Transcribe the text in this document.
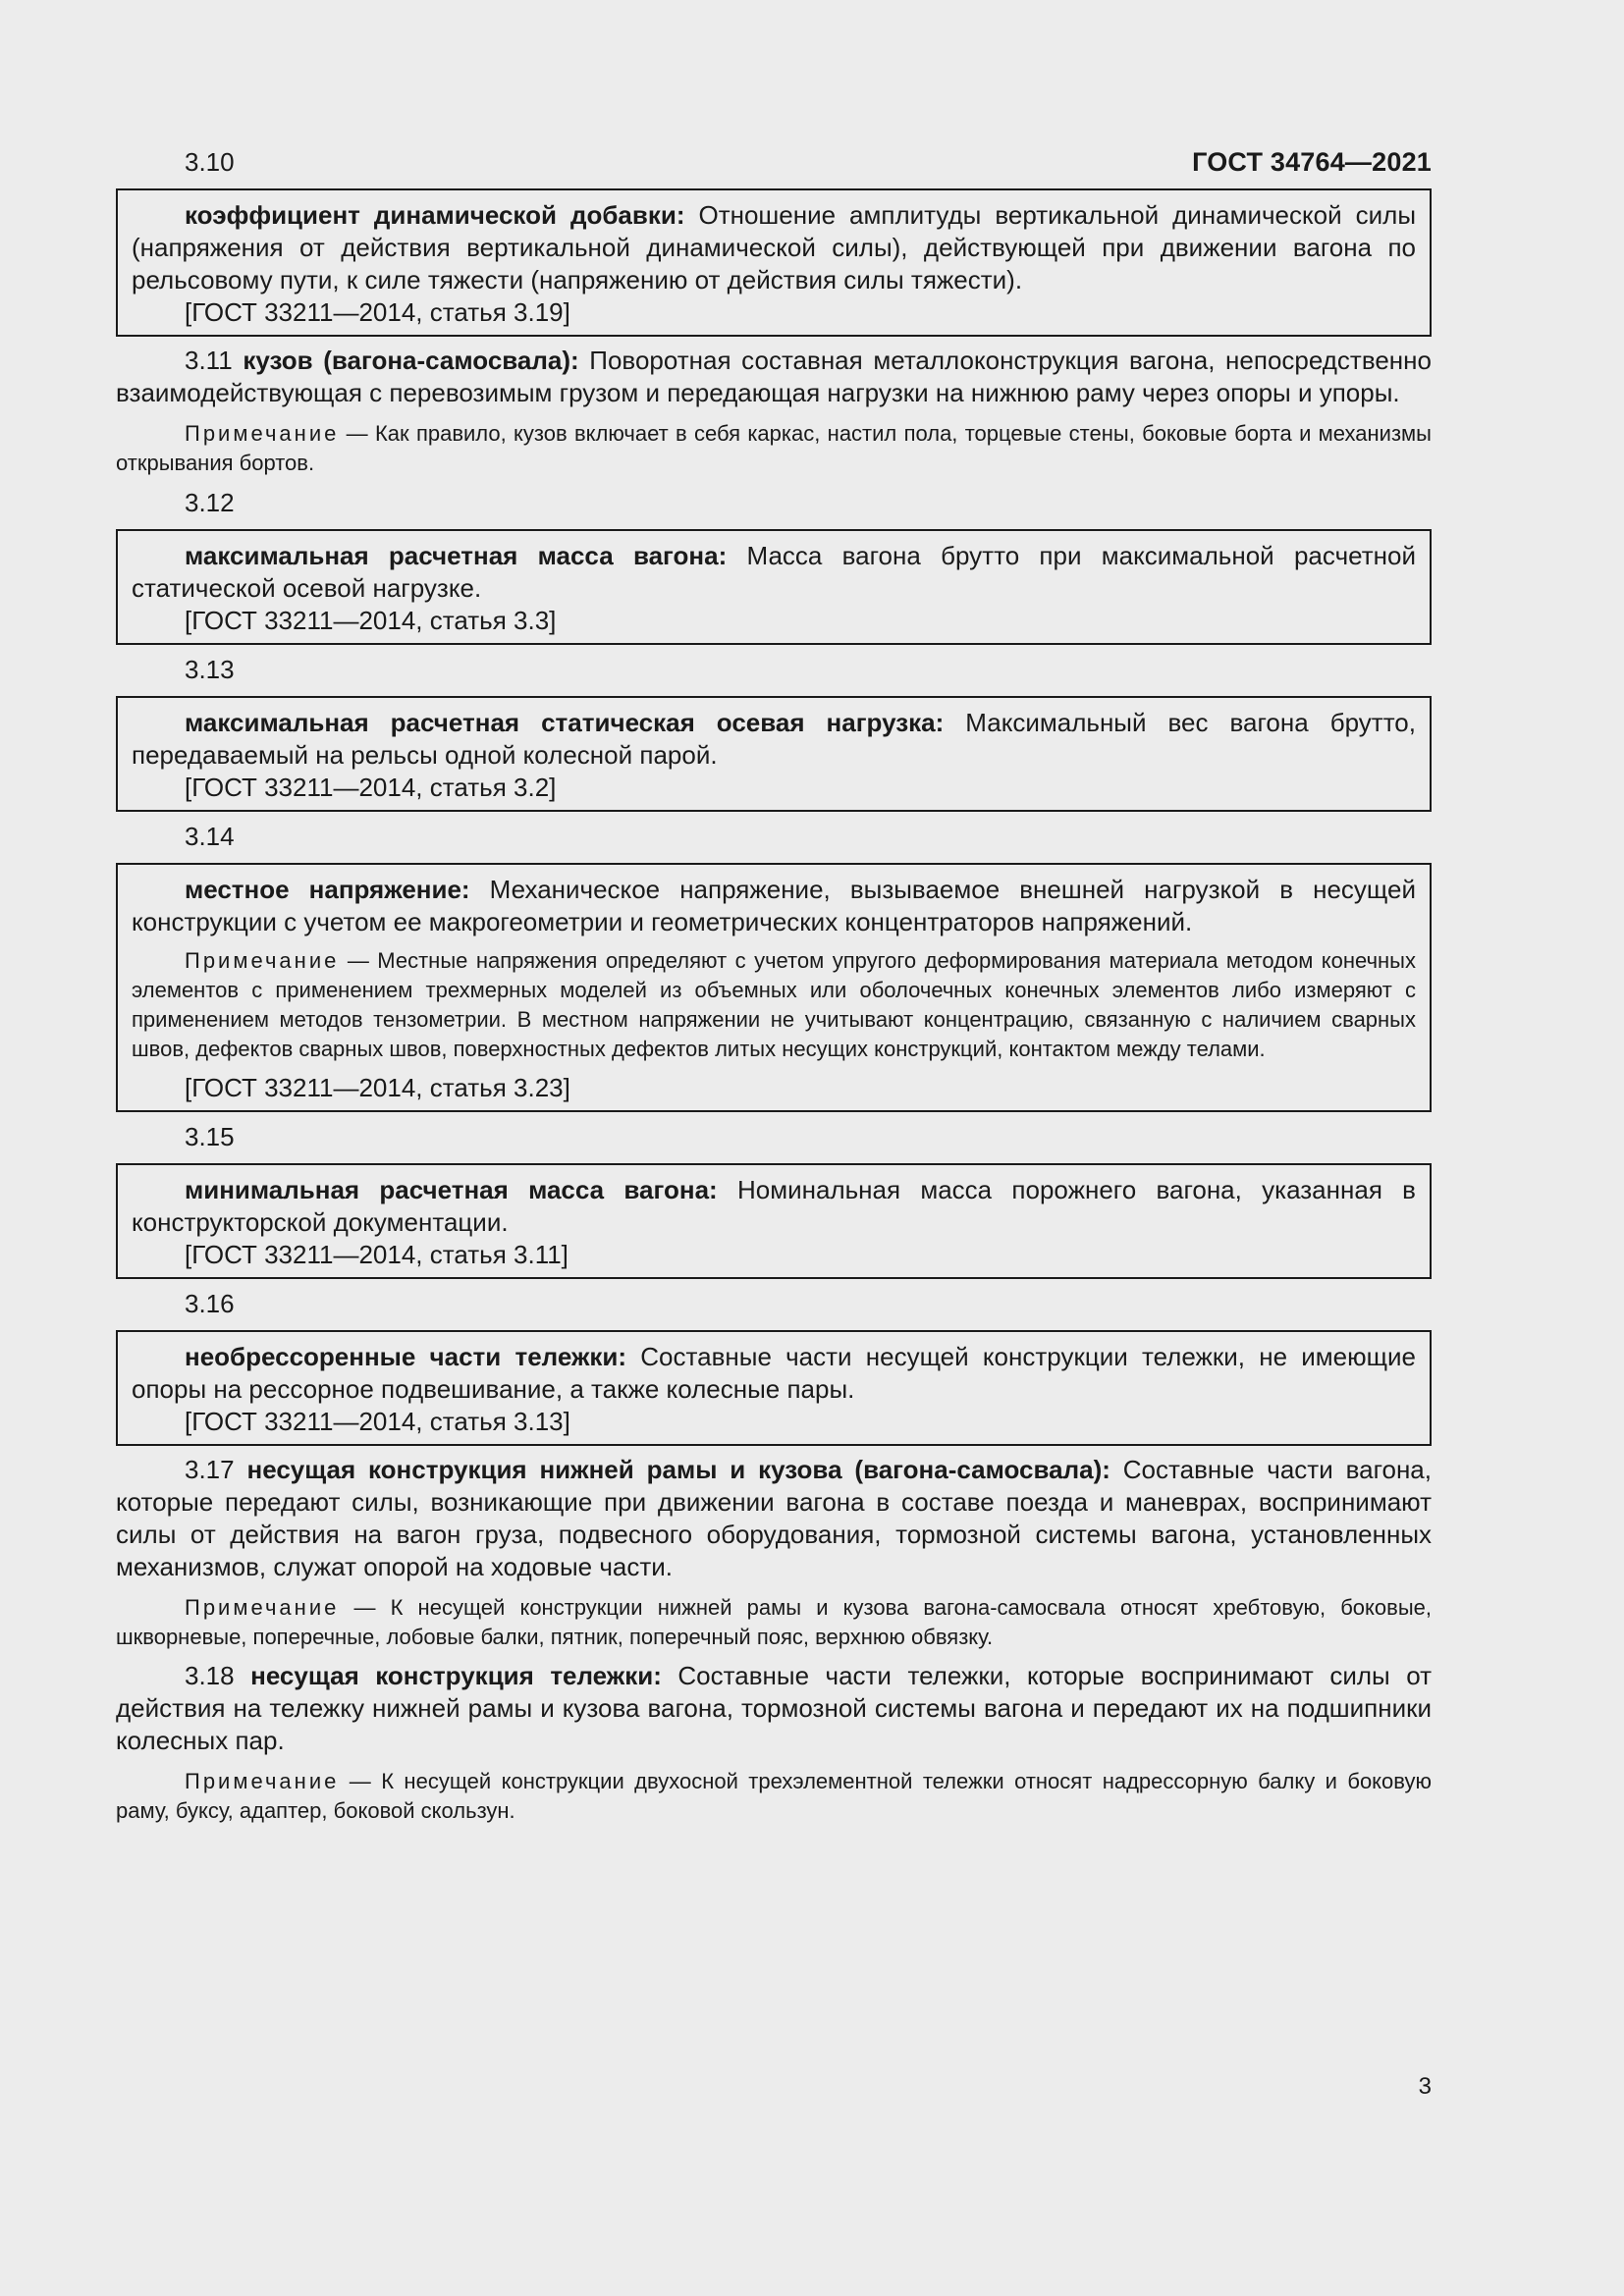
ГОСТ 34764—2021

3.10

коэффициент динамической добавки: Отношение амплитуды вертикальной динамической силы (напряжения от действия вертикальной динамической силы), действующей при движении вагона по рельсовому пути, к силе тяжести (напряжению от действия силы тяжести).

[ГОСТ 33211—2014, статья 3.19]

3.11 кузов (вагона-самосвала): Поворотная составная металлоконструкция вагона, непосредственно взаимодействующая с перевозимым грузом и передающая нагрузки на нижнюю раму через опоры и упоры.

Примечание — Как правило, кузов включает в себя каркас, настил пола, торцевые стены, боковые борта и механизмы открывания бортов.

3.12

максимальная расчетная масса вагона: Масса вагона брутто при максимальной расчетной статической осевой нагрузке.

[ГОСТ 33211—2014, статья 3.3]

3.13

максимальная расчетная статическая осевая нагрузка: Максимальный вес вагона брутто, передаваемый на рельсы одной колесной парой.

[ГОСТ 33211—2014, статья 3.2]

3.14

местное напряжение: Механическое напряжение, вызываемое внешней нагрузкой в несущей конструкции с учетом ее макрогеометрии и геометрических концентраторов напряжений.

Примечание — Местные напряжения определяют с учетом упругого деформирования материала методом конечных элементов с применением трехмерных моделей из объемных или оболочечных конечных элементов либо измеряют с применением методов тензометрии. В местном напряжении не учитывают концентрацию, связанную с наличием сварных швов, дефектов сварных швов, поверхностных дефектов литых несущих конструкций, контактом между телами.

[ГОСТ 33211—2014, статья 3.23]

3.15

минимальная расчетная масса вагона: Номинальная масса порожнего вагона, указанная в конструкторской документации.

[ГОСТ 33211—2014, статья 3.11]

3.16

необрессоренные части тележки: Составные части несущей конструкции тележки, не имеющие опоры на рессорное подвешивание, а также колесные пары.

[ГОСТ 33211—2014, статья 3.13]

3.17 несущая конструкция нижней рамы и кузова (вагона-самосвала): Составные части вагона, которые передают силы, возникающие при движении вагона в составе поезда и маневрах, воспринимают силы от действия на вагон груза, подвесного оборудования, тормозной системы вагона, установленных механизмов, служат опорой на ходовые части.

Примечание — К несущей конструкции нижней рамы и кузова вагона-самосвала относят хребтовую, боковые, шкворневые, поперечные, лобовые балки, пятник, поперечный пояс, верхнюю обвязку.

3.18 несущая конструкция тележки: Составные части тележки, которые воспринимают силы от действия на тележку нижней рамы и кузова вагона, тормозной системы вагона и передают их на подшипники колесных пар.

Примечание — К несущей конструкции двухосной трехэлементной тележки относят надрессорную балку и боковую раму, буксу, адаптер, боковой скользун.

3
